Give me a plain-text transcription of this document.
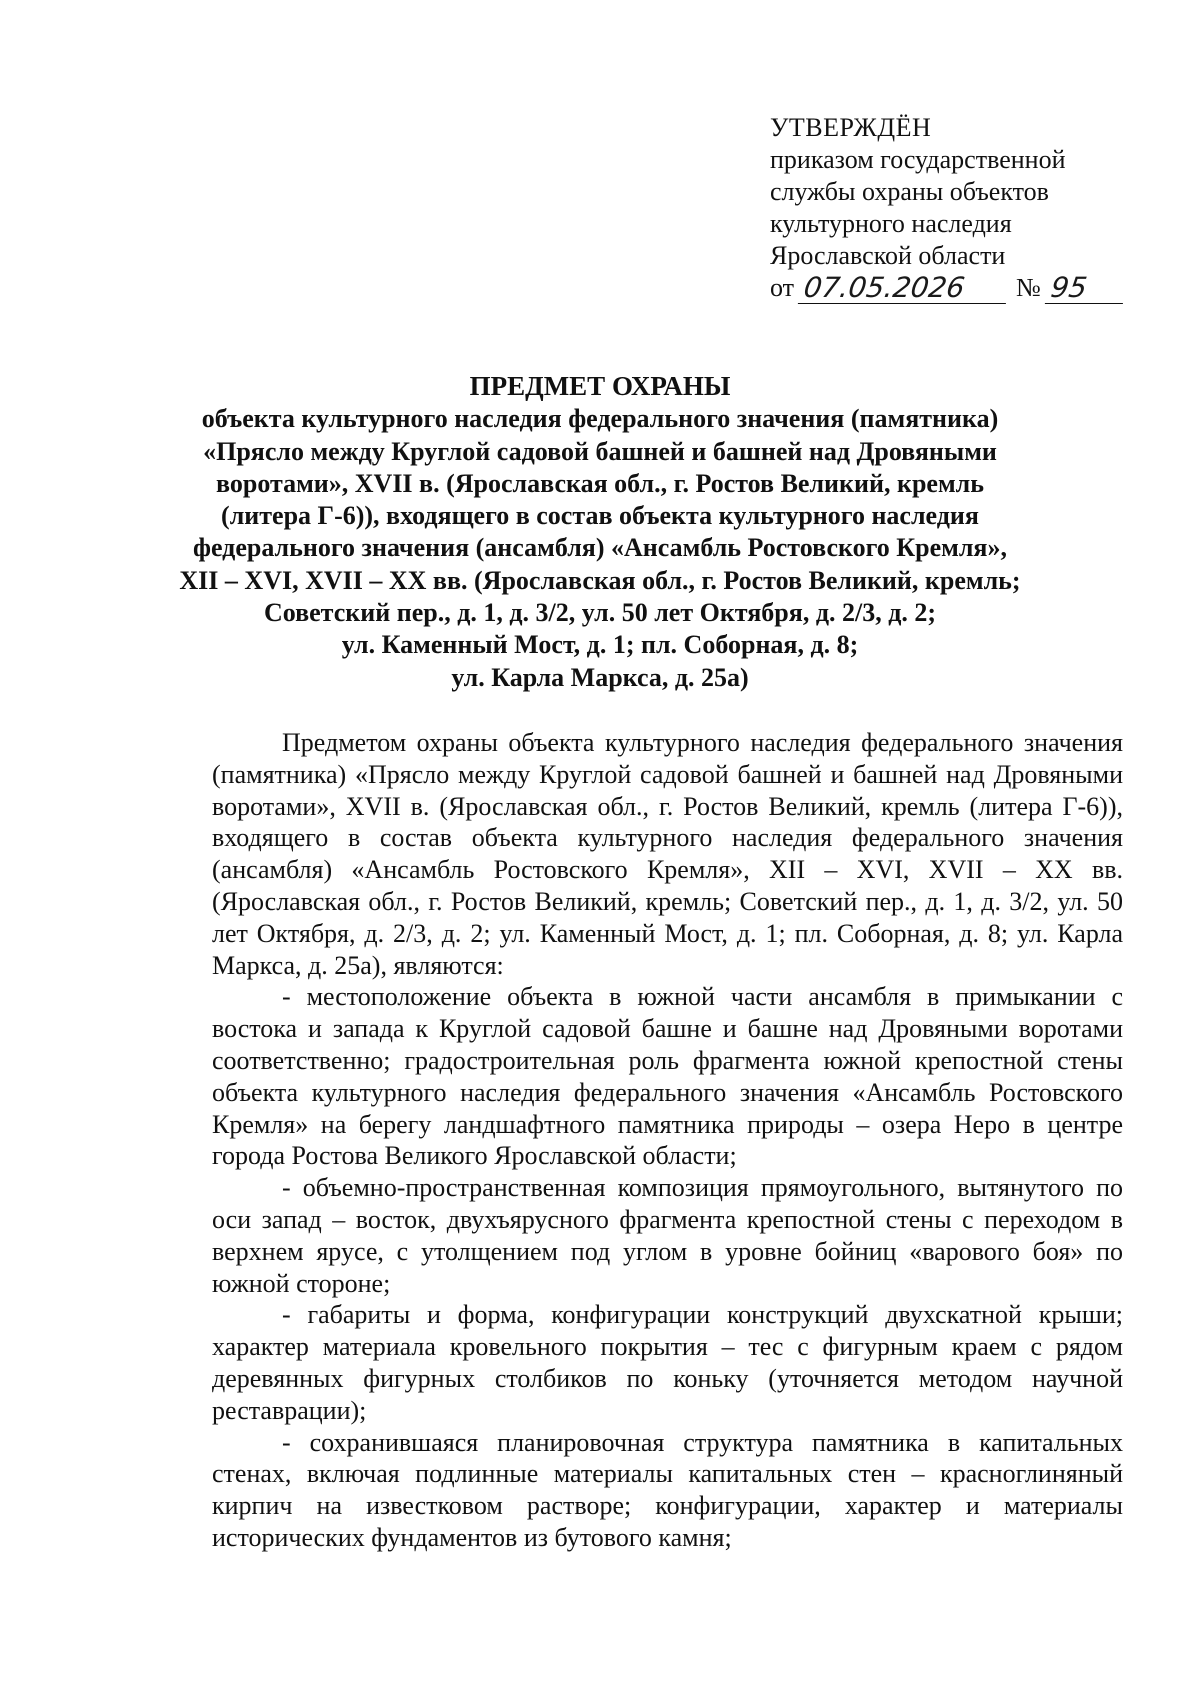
УТВЕРЖДЁН
приказом государственной
службы охраны объектов
культурного наследия
Ярославской области
от 07.05.2026	№ 95
ПРЕДМЕТ ОХРАНЫ
объекта культурного наследия федерального значения (памятника)
«Прясло между Круглой садовой башней и башней над Дровяными
воротами», XVII в. (Ярославская обл., г. Ростов Великий, кремль
(литера Г-6)), входящего в состав объекта культурного наследия
федерального значения (ансамбля) «Ансамбль Ростовского Кремля»,
XII – XVI, XVII – XX вв. (Ярославская обл., г. Ростов Великий, кремль;
Советский пер., д. 1, д. 3/2, ул. 50 лет Октября, д. 2/3, д. 2;
ул. Каменный Мост, д. 1; пл. Соборная, д. 8;
ул. Карла Маркса, д. 25а)

Предметом охраны объекта культурного наследия федерального значения (памятника) «Прясло между Круглой садовой башней и башней над Дровяными воротами», XVII в. (Ярославская обл., г. Ростов Великий, кремль (литера Г-6)), входящего в состав объекта культурного наследия федерального значения (ансамбля) «Ансамбль Ростовского Кремля», XII – XVI, XVII – XX вв. (Ярославская обл., г. Ростов Великий, кремль; Советский пер., д. 1, д. 3/2, ул. 50 лет Октября, д. 2/3, д. 2; ул. Каменный Мост, д. 1; пл. Соборная, д. 8; ул. Карла Маркса, д. 25а), являются:

- местоположение объекта в южной части ансамбля в примыкании с востока и запада к Круглой садовой башне и башне над Дровяными воротами соответственно; градостроительная роль фрагмента южной крепостной стены объекта культурного наследия федерального значения «Ансамбль Ростовского Кремля» на берегу ландшафтного памятника природы – озера Неро в центре города Ростова Великого Ярославской области;

- объемно-пространственная композиция прямоугольного, вытянутого по оси запад – восток, двухъярусного фрагмента крепостной стены с переходом в верхнем ярусе, с утолщением под углом в уровне бойниц «варового боя» по южной стороне;

- габариты и форма, конфигурации конструкций двухскатной крыши; характер материала кровельного покрытия – тес с фигурным краем с рядом деревянных фигурных столбиков по коньку (уточняется методом научной реставрации);

- сохранившаяся планировочная структура памятника в капитальных стенах, включая подлинные материалы капитальных стен – красноглиняный кирпич на известковом растворе; конфигурации, характер и материалы исторических фундаментов из бутового камня;
